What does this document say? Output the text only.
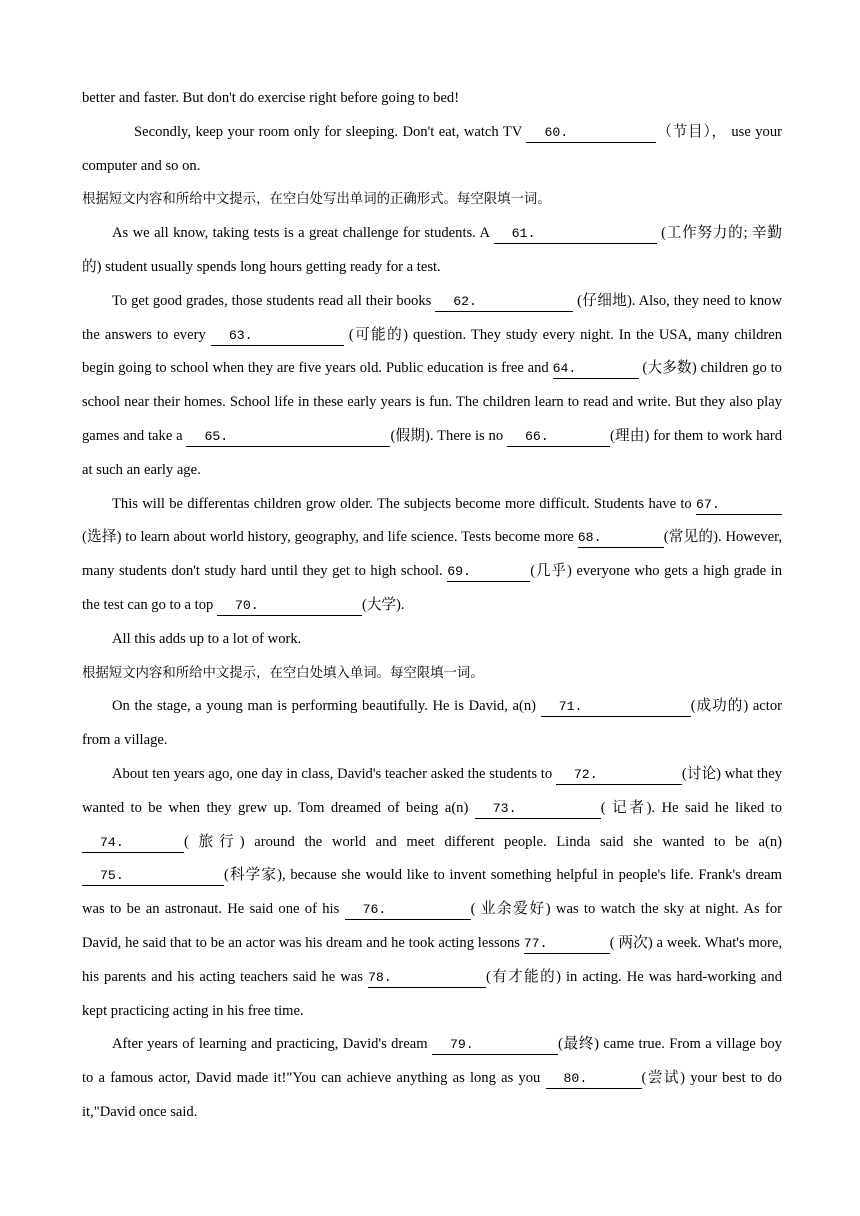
better and faster. But don't do exercise right before going to bed!

Secondly, keep your room only for sleeping. Don't eat, watch TV 60.	（节目）， use your computer and so on.

根据短文内容和所给中文提示，在空白处写出单词的正确形式。每空限填一词。

As we all know, taking tests is a great challenge for students. A 61.	(工作努力的; 辛勤的) student usually spends long hours getting ready for a test.

To get good grades, those students read all their books 62.	(仔细地). Also, they need to know the answers to every 63.	(可能的) question. They study every night. In the USA, many children begin going to school when they are five years old. Public education is free and 64.	(大多数) children go to school near their homes. School life in these early years is fun. The children learn to read and write. But they also play games and take a 65.	(假期). There is no 66.	(理由) for them to work hard at such an early age.

This will be differentas children grow older. The subjects become more difficult. Students have to 67.(选择) to learn about world history, geography, and life science. Tests become more 68.	(常见的). However, many students don't study hard until they get to high school. 69.	(几乎) everyone who gets a high grade in the test can go to a top 70.	(大学).

All this adds up to a lot of work.

根据短文内容和所给中文提示，在空白处填入单词。每空限填一词。

On the stage, a young man is performing beautifully. He is David, a(n) 71.	(成功的) actor from a village.

About ten years ago, one day in class, David's teacher asked the students to 72.	(讨论) what they wanted to be when they grew up. Tom dreamed of being a(n) 73.	( 记者). He said he liked to 74.	( 旅行) around the world and meet different people. Linda said she wanted to be a(n) 75.	(科学家), because she would like to invent something helpful in people's life. Frank's dream was to be an astronaut. He said one of his 76.	( 业余爱好) was to watch the sky at night. As for David, he said that to be an actor was his dream and he took acting lessons 77.	( 两次) a week. What's more, his parents and his acting teachers said he was 78.	(有才能的) in acting. He was hard-working and kept practicing acting in his free time.

After years of learning and practicing, David's dream 79.	(最终) came true. From a village boy to a famous actor, David made it!"You can achieve anything as long as you 80.	(尝试) your best to do it,"David once said.
